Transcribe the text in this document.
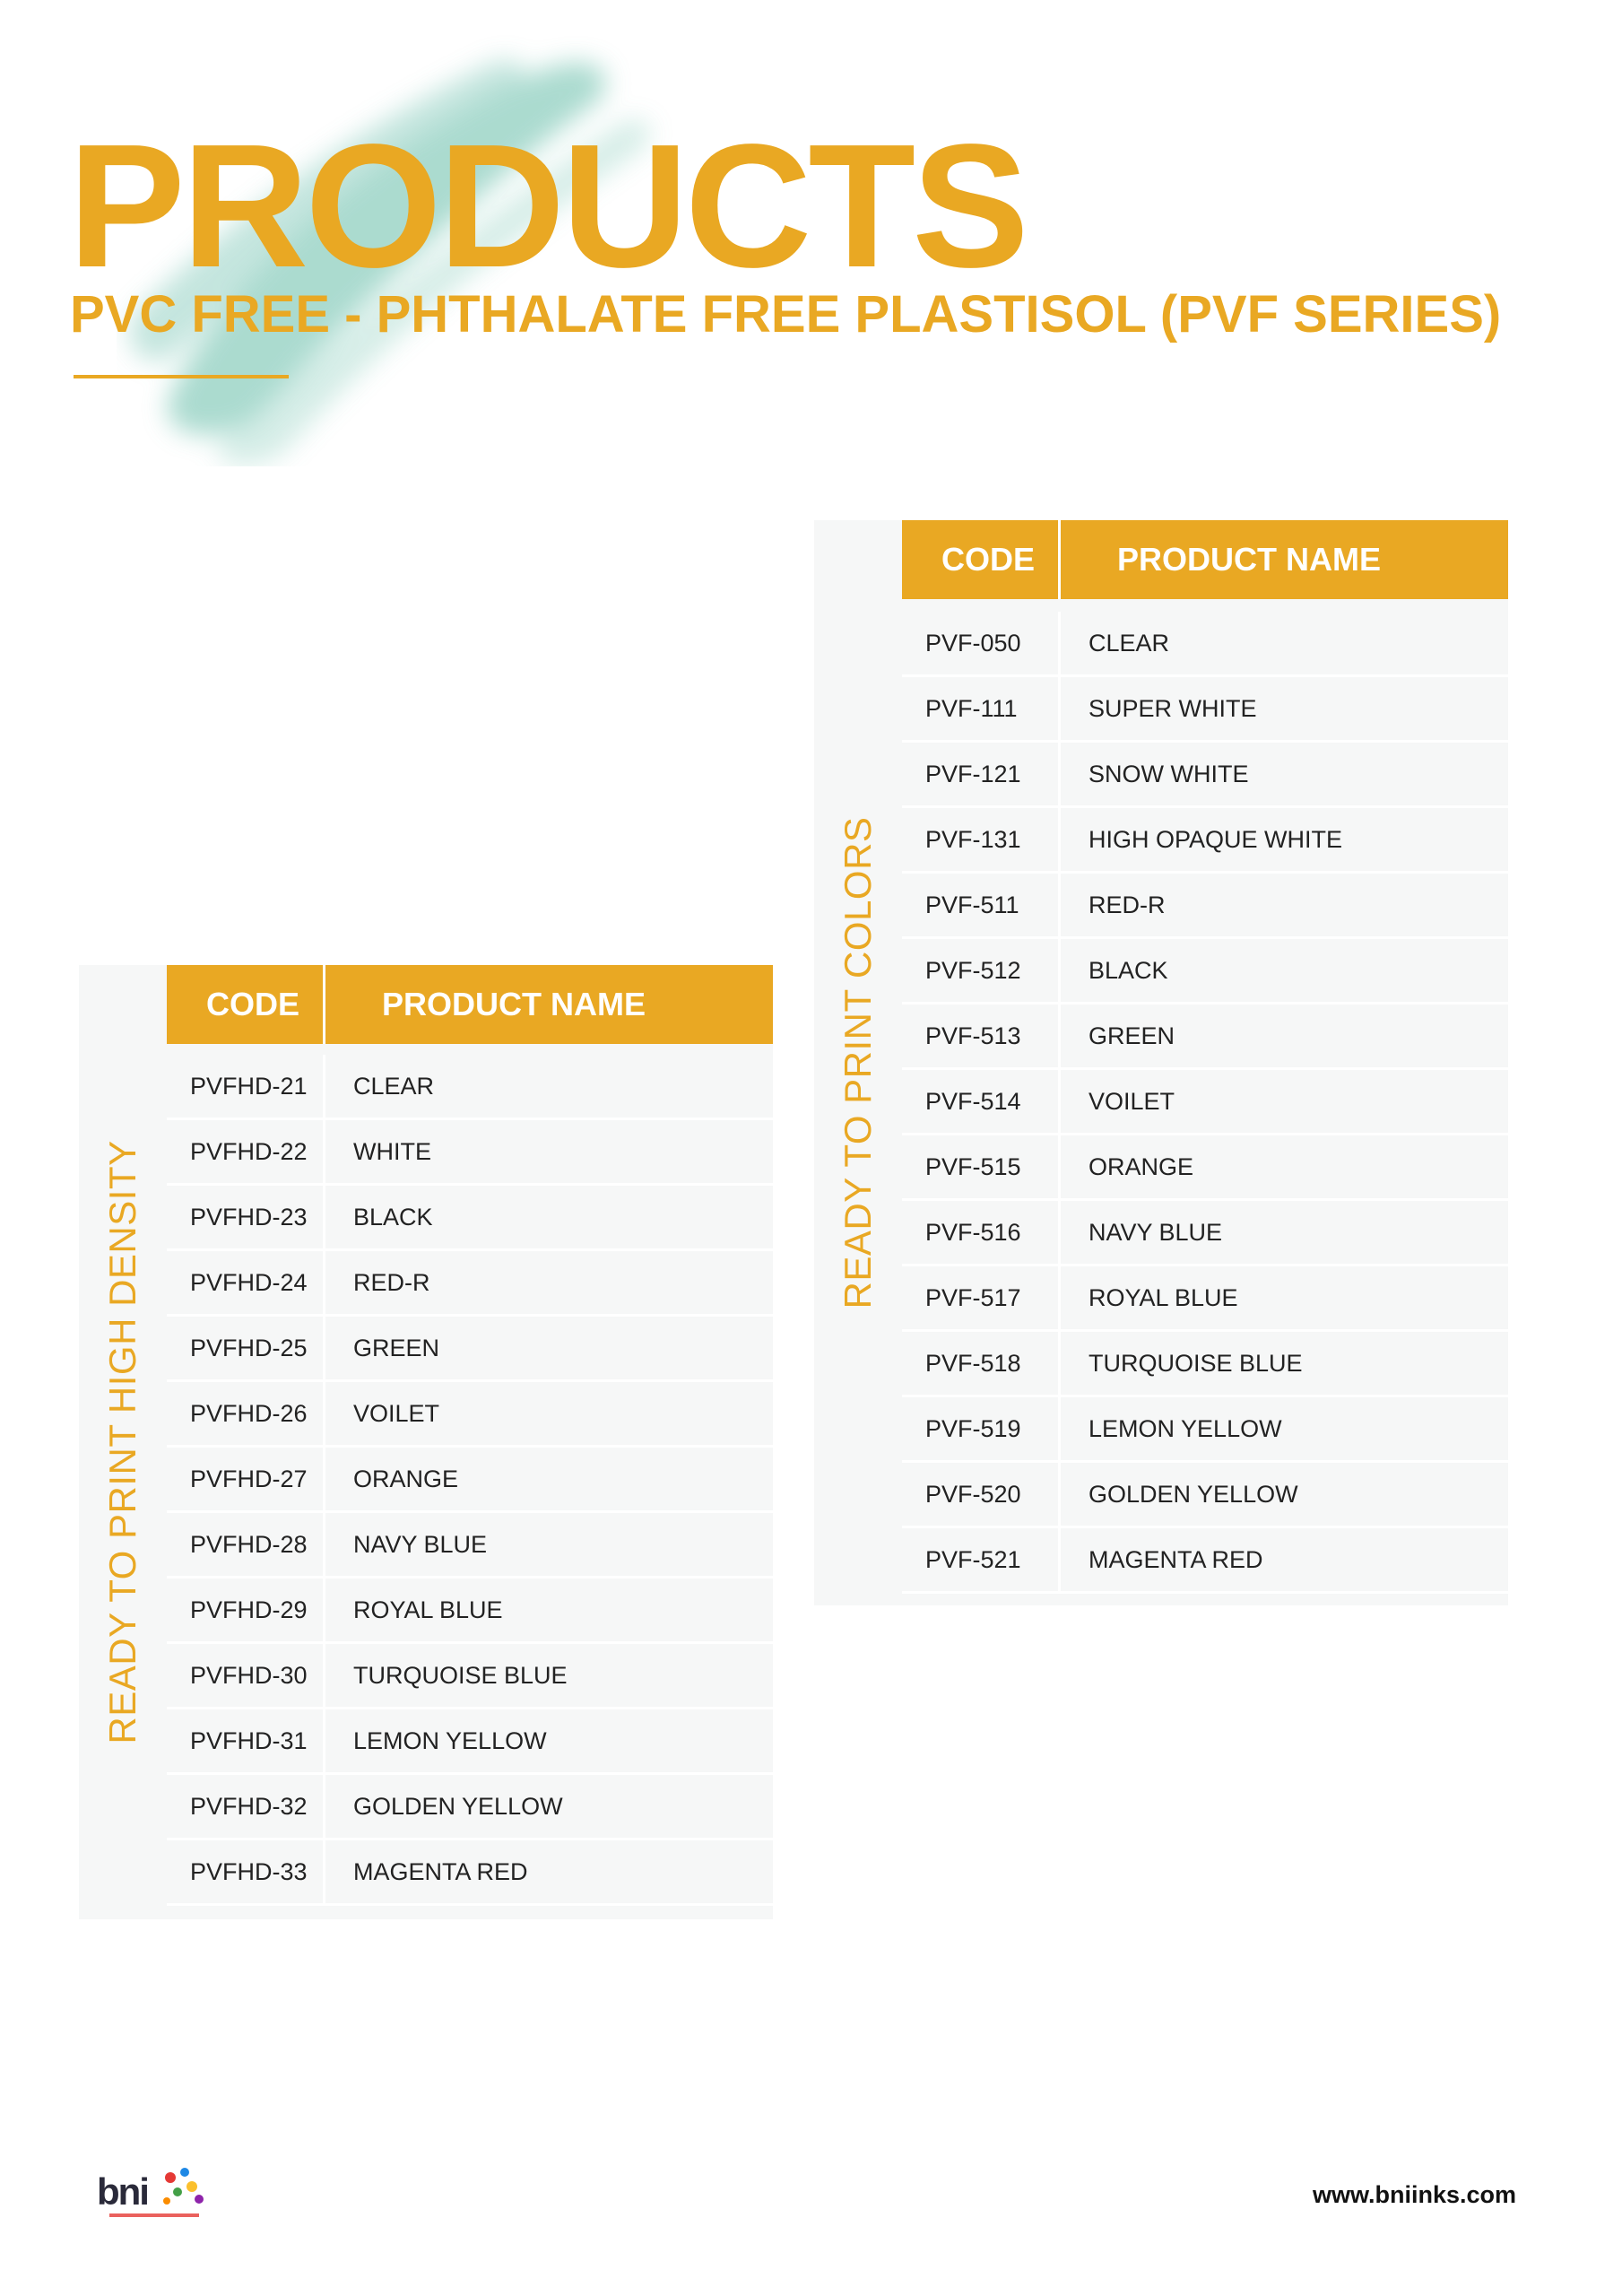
PRODUCTS
PVC FREE - PHTHALATE FREE PLASTISOL (PVF SERIES)
READY TO PRINT HIGH DENSITY
CODE	PRODUCT NAME
PVFHD-21 CLEAR
PVFHD-22 WHITE
PVFHD-23 BLACK
PVFHD-24 RED-R
PVFHD-25 GREEN
PVFHD-26 VOILET
PVFHD-27 ORANGE
PVFHD-28 NAVY BLUE
PVFHD-29 ROYAL BLUE
PVFHD-30 TURQUOISE BLUE
PVFHD-31 LEMON YELLOW
PVFHD-32 GOLDEN YELLOW
PVFHD-33 MAGENTA RED
READY TO PRINT COLORS
CODE	PRODUCT NAME
PVF-050	CLEAR
PVF-111	SUPER WHITE
PVF-121	SNOW WHITE
PVF-131	HIGH OPAQUE WHITE
PVF-511	RED-R
PVF-512	BLACK
PVF-513	GREEN
PVF-514	VOILET
PVF-515	ORANGE
PVF-516	NAVY BLUE
PVF-517	ROYAL BLUE
PVF-518	TURQUOISE BLUE
PVF-519	LEMON YELLOW
PVF-520	GOLDEN YELLOW
PVF-521	MAGENTA RED
bni	www.bniinks.com
